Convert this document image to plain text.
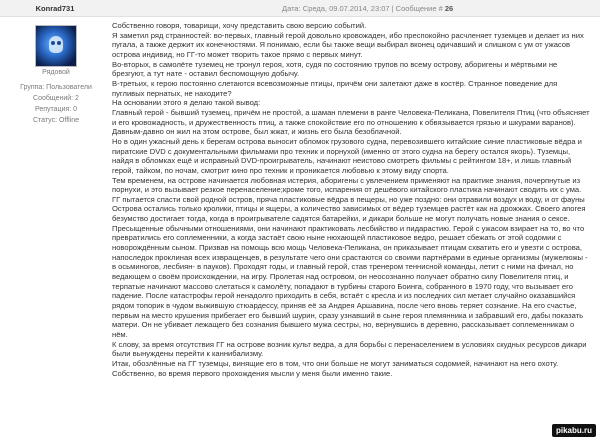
Konrad731	Дата: Среда, 09.07.2014, 23:07 | Сообщение # 26
Рядовой
Группа: Пользователи
Сообщений: 2
Репутация: 0
Статус: Offline

Собственно говоря, товарищи, хочу представить свою версию событий.

Я заметил ряд странностей: во-первых, главный герой довольно кровожаден, ибо преспокойно расчленяет туземцев и делает из них пугала, а также держит их конечностями. Я понимаю, если бы также вещи выбирал вконец одичавший и слишком с ум от ужасов острова индивид, но ГГ-то может творить такое прямо с первых минут.

Во-вторых, в самолёте туземец не тронул героя, хотя, судя по состоянию трупов по всему острову, аборигены и мёртвыми не брезгуют, а тут нате - оставил беспомощную добычу.

В-третьих, к герою постоянно слетаются всевозможные птицы, причём они залетают даже в костёр. Странное поведение для пугливых пернатых, не находите?

На основании этого я делаю такой вывод:

Главный герой - бывший туземец, причём не простой, а шаман племени в ранге Человека-Пеликана, Повелителя Птиц (что объясняет и его кровожадность, и дружественность птиц, а также спокойствие его по отношению к обвязывается грязью и шкурами варанов). Давным-давно он жил на этом острове, был жжат, и жизнь его была безоблачной.

Но в один ужасный день к берегам острова выносит обломок грузового судна, перевозившего китайские синие пластиковые вёдра и пиратские DVD с документальными фильмами про техник и порнухой (именно от этого судна на берегу остался якорь). Туземцы, найдя в обломках ещё и исправный DVD-проигрыватель, начинают неистово смотреть фильмы с рейтингом 18+, и лишь главный герой, тайком, по ночам, смотрит кино про техник и проникается любовью к этому виду спорта.

Тем временем, на острове начинается любовная истерия, аборигены с увлечением применяют на практике знания, почерпнутые из порнухи, и это вызывает резкое перенаселение;кроме того, испарения от дешёвого китайского пластика начинают сводить их с ума. ГГ пытается спасти свой родной остров, пряча пластиковые вёдра в пещеры, но уже поздно: они отравили воздух и воду, и от фауны Острова остались только кролики, птицы и ящеры, а количество зависимых от вёдер туземцев растёт как на дрожжах. Своего апогея безумство достигает тогда, когда в проигрывателе садятся батарейки, и дикари больше не могут получать новые знания о сексе. Пресыщенные обычными отношениями, они начинают практиковать лесбийство и пидарастию. Герой с ужасом взирает на то, во что превратились его соплеменники, а когда застаёт свою ныне нюхающей пластиковое ведро, решает сбежать от этой содомии с новорождённым сыном. Призвав на помощь всю мощь Человека-Пеликана, он приказывает птицам схватить его и увезти с острова, напоследок проклиная всех извращенцев, в результате чего они срастаются со своими партнёрами в единые организмы (мужелюжы - в осьминогов, лесбиян- в пауков). Проходят годы, и главный герой, став тренером теннисной команды, летит с ними на финал, но ведающем о своём происхождении, на игру. Пролетая над островом, он неосознанно получает обратно силу Повелителя птиц, и терпатые начинают массово слетаться к самолёту, попадают в турбины старого Боинга, собранного в 1970 году, что вызывает его падение. После катастрофы герой ненадолго приходить в себя, встаёт с кресла и из последних сил метает случайно оказавшийся рядом топорик в чудом выжившую стюардессу, приняв её за Андрея Аршавина, после чего вновь теряет сознание. На его счастье, первым на место крушения прибегает его бывший шурин, сразу узнавший в сыне героя племянника и забравший его, дабы показать матери. Он не убивает лежащего без сознания бывшего мужа сестры, но, вернувшись в деревню, рассказывает соплеменникам о нём.

К слову, за время отсутствия ГГ на острове возник культ ведра, а для борьбы с перенаселением в условиях скудных ресурсов дикари были вынуждены перейти к каннибализму.

Итак, обозлённые на ГГ туземцы, винящие его в том, что они больше не могут заниматься содомией, начинают на него охоту. Собственно, во время первого прохождения мысли у меня были именно такие.

pikabu.ru
